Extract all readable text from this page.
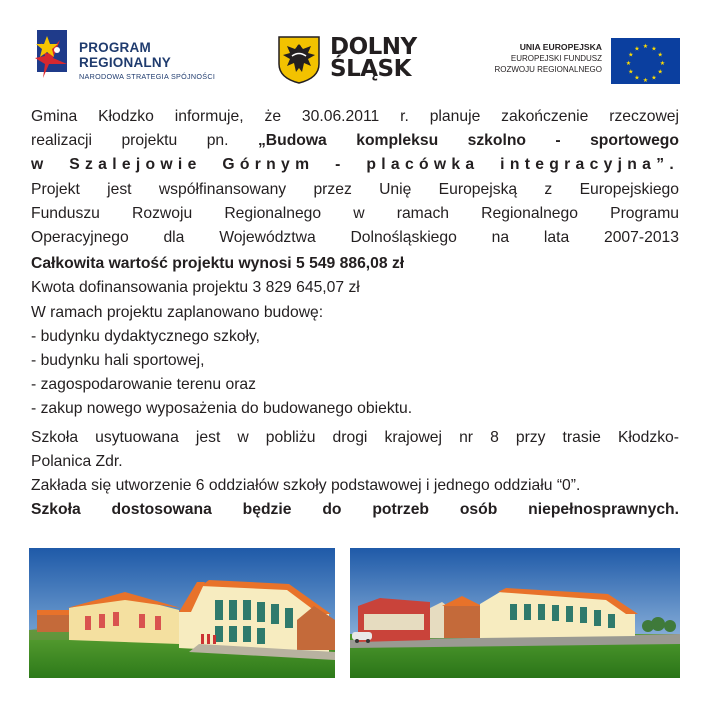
PROGRAM
REGIONALNY
NARODOWA STRATEGIA SPÓJNOŚCI
DOLNY
ŚLĄSK
UNIA EUROPEJSKA
EUROPEJSKI FUNDUSZ
ROZWOJU REGIONALNEGO
★ ★
★
★
★
★
★
★
★
★
★
★

Gmina Kłodzko informuje, że 30.06.2011 r. planuje zakończenie rzeczowej

realizacji projektu pn. „Budowa kompleksu szkolno - sportowego

w Szalejowie Górnym - placówka integracyjna”.

Projekt jest współfinansowany przez Unię Europejską z Europejskiego

Funduszu Rozwoju Regionalnego w ramach Regionalnego Programu

Operacyjnego dla Województwa Dolnośląskiego na lata 2007-2013

Całkowita wartość projektu wynosi 5 549 886,08 zł

Kwota dofinansowania projektu 3 829 645,07 zł

W ramach projektu zaplanowano budowę:

- budynku dydaktycznego szkoły,

- budynku hali sportowej,

- zagospodarowanie terenu oraz

- zakup nowego wyposażenia do budowanego obiektu.

Szkoła usytuowana jest w pobliżu drogi krajowej nr 8 przy trasie Kłodzko-

Polanica Zdr.

Zakłada się utworzenie 6 oddziałów szkoły podstawowej i jednego oddziału “0”.

Szkoła dostosowana będzie do potrzeb osób niepełnosprawnych.
